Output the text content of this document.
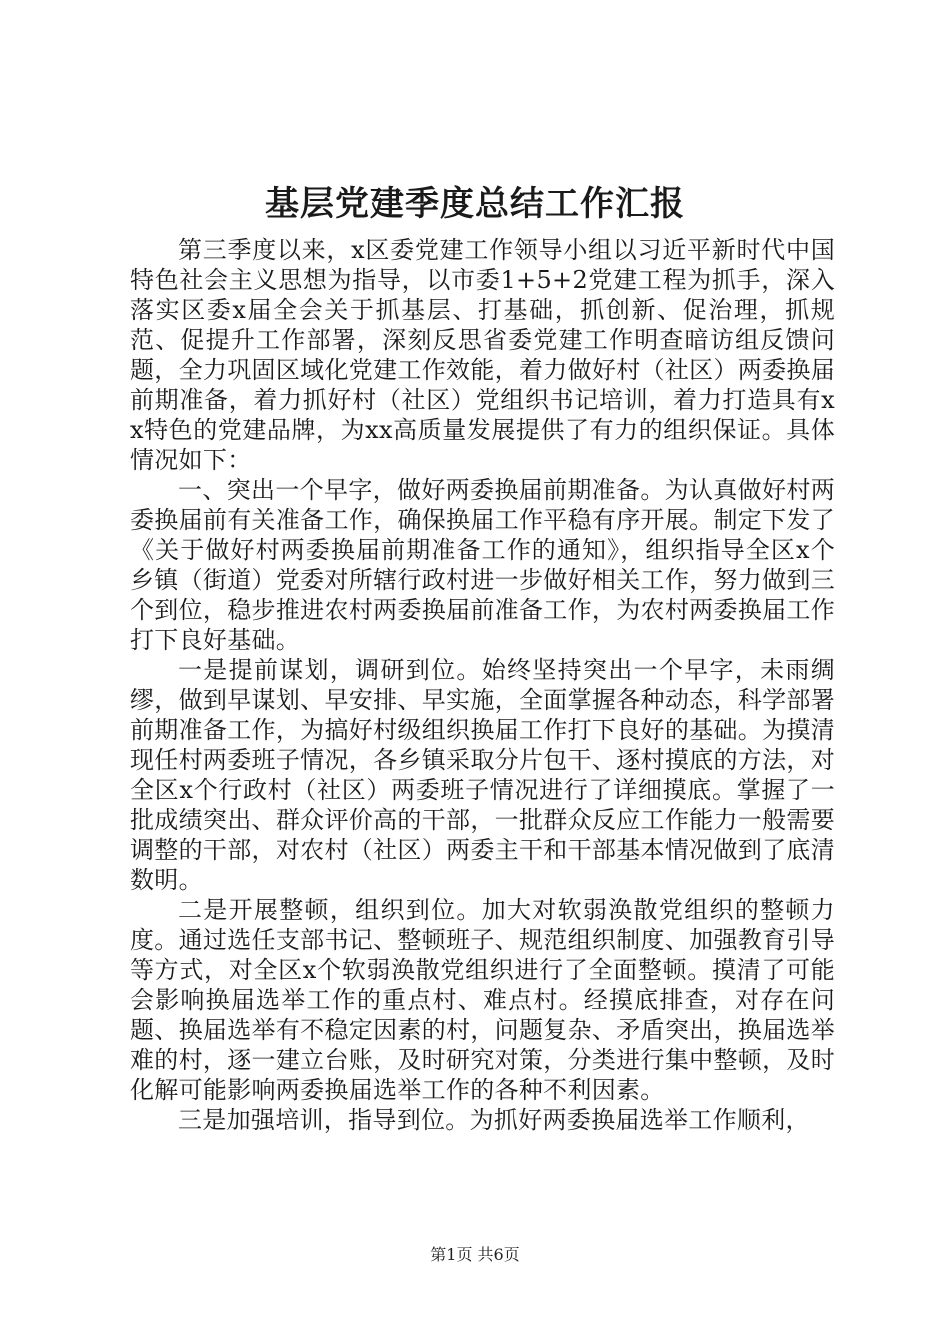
基层党建季度总结工作汇报

第三季度以来，x区委党建工作领导小组以习近平新时代中国特色社会主义思想为指导，以市委1+5+2党建工程为抓手，深入落实区委x届全会关于抓基层、打基础，抓创新、促治理，抓规范、促提升工作部署，深刻反思省委党建工作明查暗访组反馈问题，全力巩固区域化党建工作效能，着力做好村（社区）两委换届前期准备，着力抓好村（社区）党组织书记培训，着力打造具有xx特色的党建品牌，为xx高质量发展提供了有力的组织保证。具体情况如下：

一、突出一个早字，做好两委换届前期准备。为认真做好村两委换届前有关准备工作，确保换届工作平稳有序开展。制定下发了《关于做好村两委换届前期准备工作的通知》，组织指导全区x个乡镇（街道）党委对所辖行政村进一步做好相关工作，努力做到三个到位，稳步推进农村两委换届前准备工作，为农村两委换届工作打下良好基础。

一是提前谋划，调研到位。始终坚持突出一个早字，未雨绸缪，做到早谋划、早安排、早实施，全面掌握各种动态，科学部署前期准备工作，为搞好村级组织换届工作打下良好的基础。为摸清现任村两委班子情况，各乡镇采取分片包干、逐村摸底的方法，对全区x个行政村（社区）两委班子情况进行了详细摸底。掌握了一批成绩突出、群众评价高的干部，一批群众反应工作能力一般需要调整的干部，对农村（社区）两委主干和干部基本情况做到了底清数明。

二是开展整顿，组织到位。加大对软弱涣散党组织的整顿力度。通过选任支部书记、整顿班子、规范组织制度、加强教育引导等方式，对全区x个软弱涣散党组织进行了全面整顿。摸清了可能会影响换届选举工作的重点村、难点村。经摸底排查，对存在问题、换届选举有不稳定因素的村，问题复杂、矛盾突出，换届选举难的村，逐一建立台账，及时研究对策，分类进行集中整顿，及时化解可能影响两委换届选举工作的各种不利因素。

三是加强培训，指导到位。为抓好两委换届选举工作顺利，

第1页 共6页
